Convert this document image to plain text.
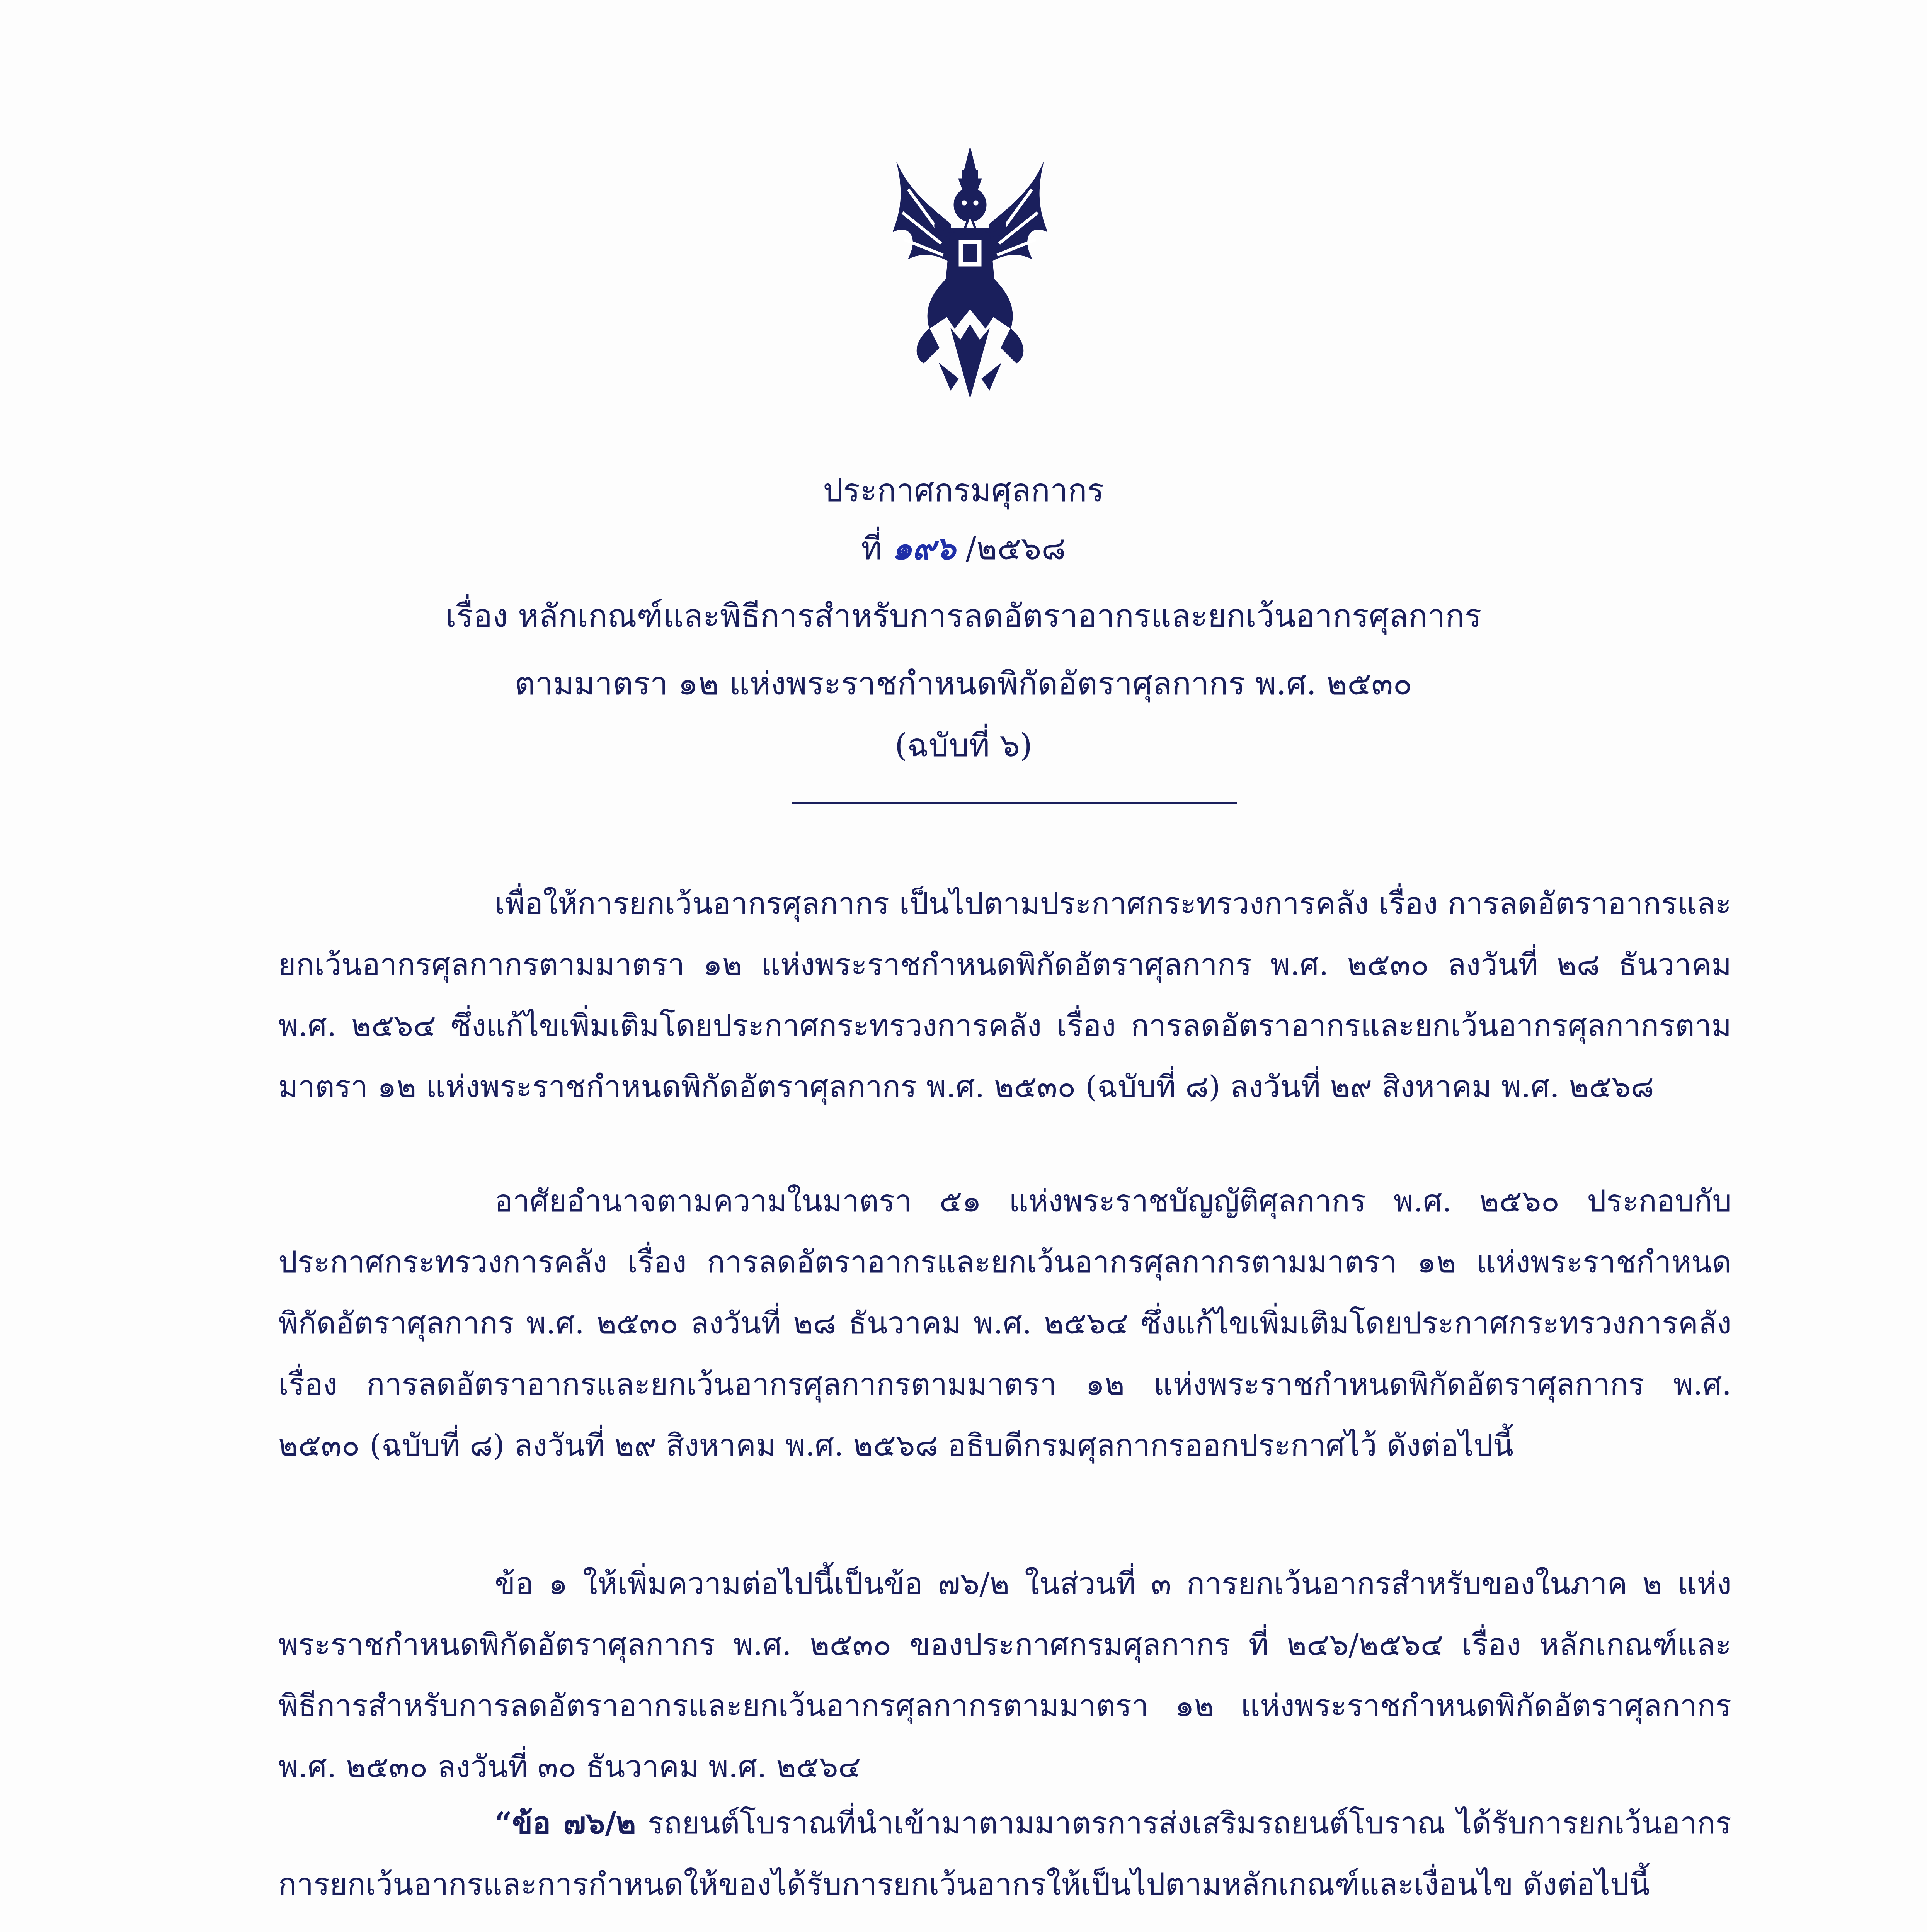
ประกาศกรมศุลกากร
ที่ ๑๙๖ /๒๕๖๘
เรื่อง หลักเกณฑ์และพิธีการสำหรับการลดอัตราอากรและยกเว้นอากรศุลกากร
ตามมาตรา ๑๒ แห่งพระราชกำหนดพิกัดอัตราศุลกากร พ.ศ. ๒๕๓๐
(ฉบับที่ ๖)

เพื่อให้การยกเว้นอากรศุลกากร เป็นไปตามประกาศกระทรวงการคลัง เรื่อง การลดอัตราอากรและยกเว้นอากรศุลกากรตามมาตรา ๑๒ แห่งพระราชกำหนดพิกัดอัตราศุลกากร พ.ศ. ๒๕๓๐ ลงวันที่ ๒๘ ธันวาคม พ.ศ. ๒๕๖๔ ซึ่งแก้ไขเพิ่มเติมโดยประกาศกระทรวงการคลัง เรื่อง การลดอัตราอากรและยกเว้นอากรศุลกากรตามมาตรา ๑๒ แห่งพระราชกำหนดพิกัดอัตราศุลกากร พ.ศ. ๒๕๓๐ (ฉบับที่ ๘) ลงวันที่ ๒๙ สิงหาคม พ.ศ. ๒๕๖๘

อาศัยอำนาจตามความในมาตรา ๕๑ แห่งพระราชบัญญัติศุลกากร พ.ศ. ๒๕๖๐ ประกอบกับประกาศกระทรวงการคลัง เรื่อง การลดอัตราอากรและยกเว้นอากรศุลกากรตามมาตรา ๑๒ แห่งพระราชกำหนดพิกัดอัตราศุลกากร พ.ศ. ๒๕๓๐ ลงวันที่ ๒๘ ธันวาคม พ.ศ. ๒๕๖๔ ซึ่งแก้ไขเพิ่มเติมโดยประกาศกระทรวงการคลัง เรื่อง การลดอัตราอากรและยกเว้นอากรศุลกากรตามมาตรา ๑๒ แห่งพระราชกำหนดพิกัดอัตราศุลกากร พ.ศ. ๒๕๓๐ (ฉบับที่ ๘) ลงวันที่ ๒๙ สิงหาคม พ.ศ. ๒๕๖๘ อธิบดีกรมศุลกากรออกประกาศไว้ ดังต่อไปนี้

ข้อ ๑ ให้เพิ่มความต่อไปนี้เป็นข้อ ๗๖/๒ ในส่วนที่ ๓ การยกเว้นอากรสำหรับของในภาค ๒ แห่งพระราชกำหนดพิกัดอัตราศุลกากร พ.ศ. ๒๕๓๐ ของประกาศกรมศุลกากร ที่ ๒๔๖/๒๕๖๔ เรื่อง หลักเกณฑ์และพิธีการสำหรับการลดอัตราอากรและยกเว้นอากรศุลกากรตามมาตรา ๑๒ แห่งพระราชกำหนดพิกัดอัตราศุลกากร พ.ศ. ๒๕๓๐ ลงวันที่ ๓๐ ธันวาคม พ.ศ. ๒๕๖๔

“ข้อ ๗๖/๒ รถยนต์โบราณที่นำเข้ามาตามมาตรการส่งเสริมรถยนต์โบราณ ได้รับการยกเว้นอากร การยกเว้นอากรและการกำหนดให้ของได้รับการยกเว้นอากรให้เป็นไปตามหลักเกณฑ์และเงื่อนไข ดังต่อไปนี้
